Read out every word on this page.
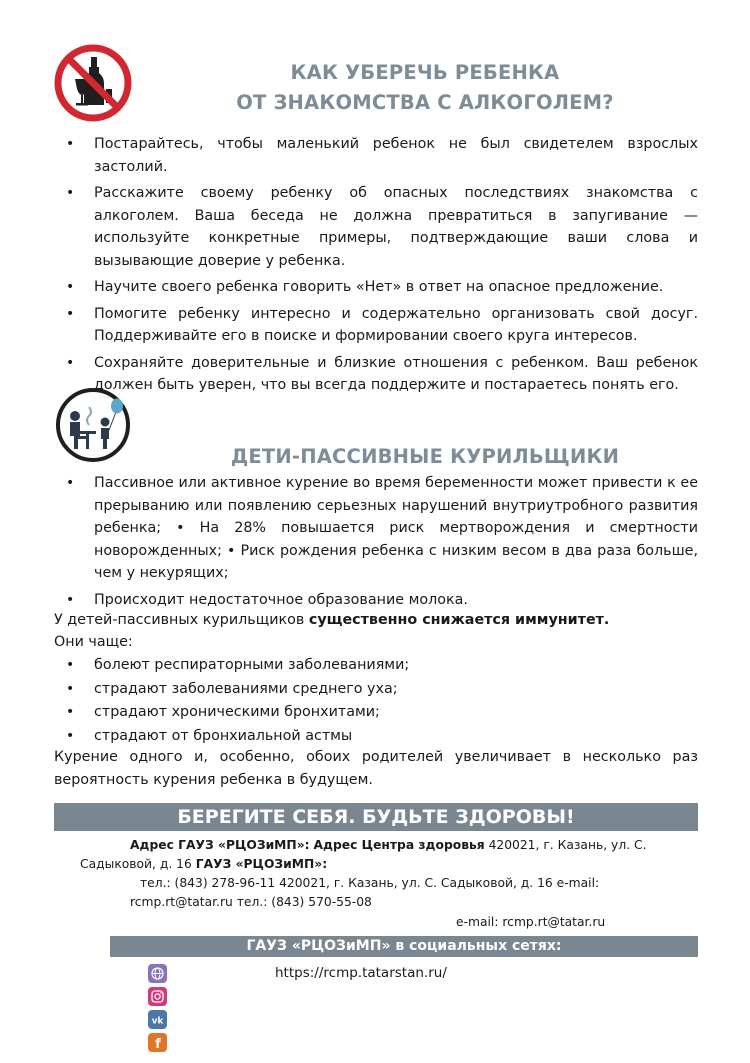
КАК УБЕРЕЧЬ РЕБЕНКА
ОТ ЗНАКОМСТВА С АЛКОГОЛЕМ?
• Постарайтесь, чтобы маленький ребенок не был свидетелем взрослых застолий.
• Расскажите своему ребенку об опасных последствиях знакомства с алкоголем. Ваша беседа не должна превратиться в запугивание — используйте конкретные примеры, подтверждающие ваши слова и вызывающие доверие у ребенка.
• Научите своего ребенка говорить «Нет» в ответ на опасное предложение.
• Помогите ребенку интересно и содержательно организовать свой досуг. Поддерживайте его в поиске и формировании своего круга интересов.
• Сохраняйте доверительные и близкие отношения с ребенком. Ваш ребенок должен быть уверен, что вы всегда поддержите и постараетесь понять его.
ДЕТИ-ПАССИВНЫЕ КУРИЛЬЩИКИ
• Пассивное или активное курение во время беременности может привести к ее прерыванию или появлению серьезных нарушений внутриутробного развития ребенка; • На 28% повышается риск мертворождения и смертности новорожденных; • Риск рождения ребенка с низким весом в два раза больше, чем у некурящих;
• Происходит недостаточное образование молока.
У детей-пассивных курильщиков существенно снижается иммунитет.
Они чаще:
• болеют респираторными заболеваниями;
• страдают заболеваниями среднего уха;
• страдают хроническими бронхитами;
• страдают от бронхиальной астмы
Курение одного и, особенно, обоих родителей увеличивает в несколько раз вероятность курения ребенка в будущем.
БЕРЕГИТЕ СЕБЯ. БУДЬТЕ ЗДОРОВЫ!
Адрес ГАУЗ «РЦОЗиМП»: Адрес Центра здоровья 420021, г. Казань, ул. С.
Садыковой, д. 16 ГАУЗ «РЦОЗиМП»:
тел.: (843) 278-96-11 420021, г. Казань, ул. С. Садыковой, д. 16 e-mail:
rcmp.rt@tatar.ru тел.: (843) 570-55-08
e-mail: rcmp.rt@tatar.ru
ГАУЗ «РЦОЗиМП» в социальных сетях:
https://rcmp.tatarstan.ru/
vk
f
